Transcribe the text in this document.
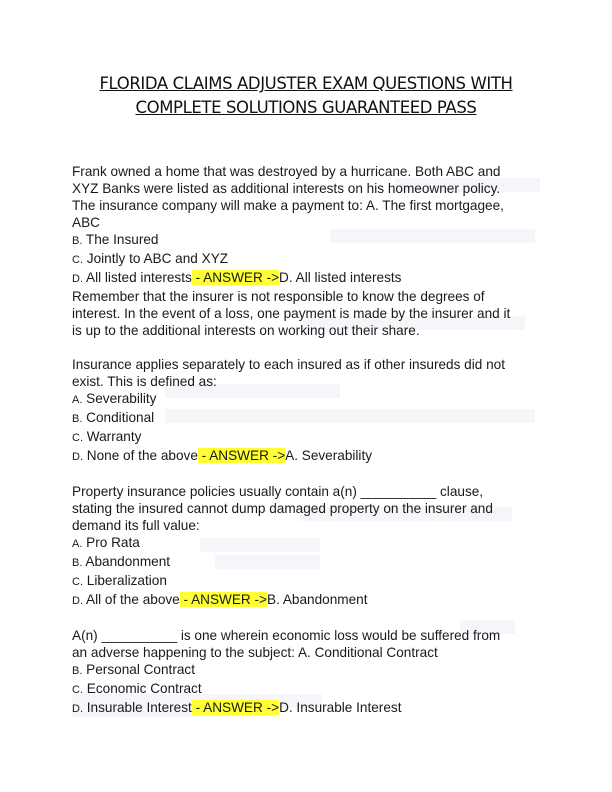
FLORIDA CLAIMS ADJUSTER EXAM QUESTIONS WITH
COMPLETE SOLUTIONS GUARANTEED PASS
Frank owned a home that was destroyed by a hurricane. Both ABC and
XYZ Banks were listed as additional interests on his homeowner policy.
The insurance company will make a payment to: A. The first mortgagee,
ABC
B. The Insured
C. Jointly to ABC and XYZ
D. All listed interests - ANSWER ->D. All listed interests
Remember that the insurer is not responsible to know the degrees of
interest. In the event of a loss, one payment is made by the insurer and it
is up to the additional interests on working out their share.
Insurance applies separately to each insured as if other insureds did not
exist. This is defined as:
A. Severability
B. Conditional
C. Warranty
D. None of the above - ANSWER ->A. Severability
Property insurance policies usually contain a(n) __________ clause,
stating the insured cannot dump damaged property on the insurer and
demand its full value:
A. Pro Rata
B. Abandonment
C. Liberalization
D. All of the above - ANSWER ->B. Abandonment
A(n) __________ is one wherein economic loss would be suffered from
an adverse happening to the subject: A. Conditional Contract
B. Personal Contract
C. Economic Contract
D. Insurable Interest - ANSWER ->D. Insurable Interest
